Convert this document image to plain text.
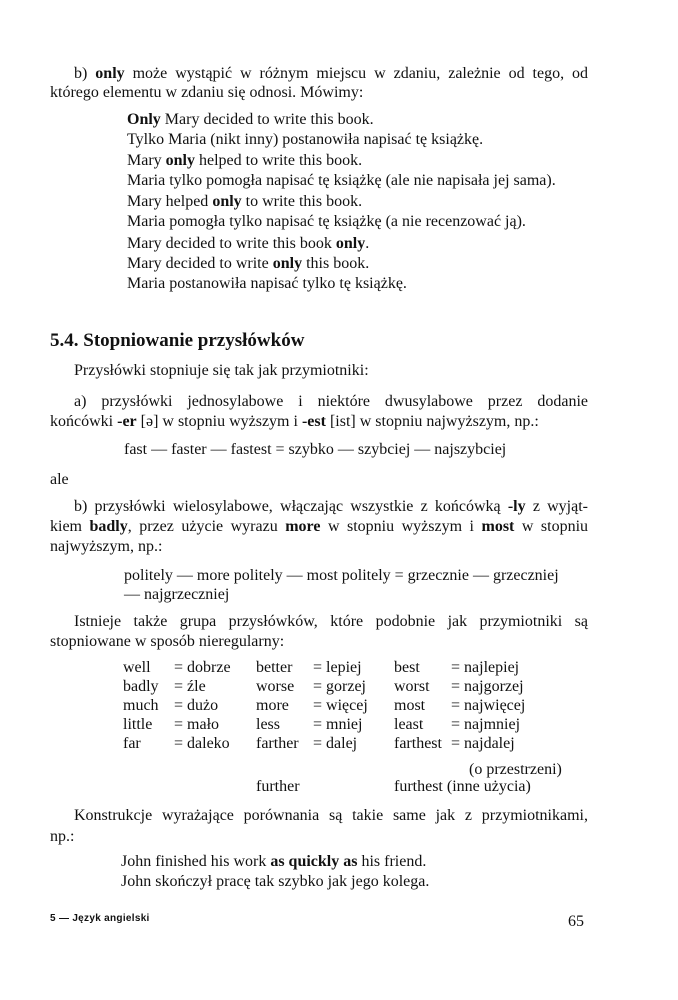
b) only może wystąpić w różnym miejscu w zdaniu, zależnie od tego, od
którego elementu w zdaniu się odnosi. Mówimy:
Only Mary decided to write this book.
Tylko Maria (nikt inny) postanowiła napisać tę książkę.
Mary only helped to write this book.
Maria tylko pomogła napisać tę książkę (ale nie napisała jej sama).
Mary helped only to write this book.
Maria pomogła tylko napisać tę książkę (a nie recenzować ją).
Mary decided to write this book only.
Mary decided to write only this book.
Maria postanowiła napisać tylko tę książkę.
5.4. Stopniowanie przysłówków
Przysłówki stopniuje się tak jak przymiotniki:
a) przysłówki jednosylabowe i niektóre dwusylabowe przez dodanie
końcówki -er [ə] w stopniu wyższym i -est [ist] w stopniu najwyższym, np.:
fast — faster — fastest = szybko — szybciej — najszybciej
ale
b) przysłówki wielosylabowe, włączając wszystkie z końcówką -ly z wyjąt-
kiem badly, przez użycie wyrazu more w stopniu wyższym i most w stopniu
najwyższym, np.:
politely — more politely — most politely = grzecznie — grzeczniej
— najgrzeczniej
Istnieje także grupa przysłówków, które podobnie jak przymiotniki są
stopniowane w sposób nieregularny:
well	= dobrze	better	= lepiej	best	= najlepiej
badly	= źle	worse	= gorzej	worst	= najgorzej
much	= dużo	more	= więcej	most	= najwięcej
little	= mało	less	= mniej	least	= najmniej
far	= daleko	farther	= dalej	farthest	= najdalej
(o przestrzeni)
further	furthest (inne użycia)
Konstrukcje wyrażające porównania są takie same jak z przymiotnikami,
np.:
John finished his work as quickly as his friend.
John skończył pracę tak szybko jak jego kolega.
5 — Język angielski	65
